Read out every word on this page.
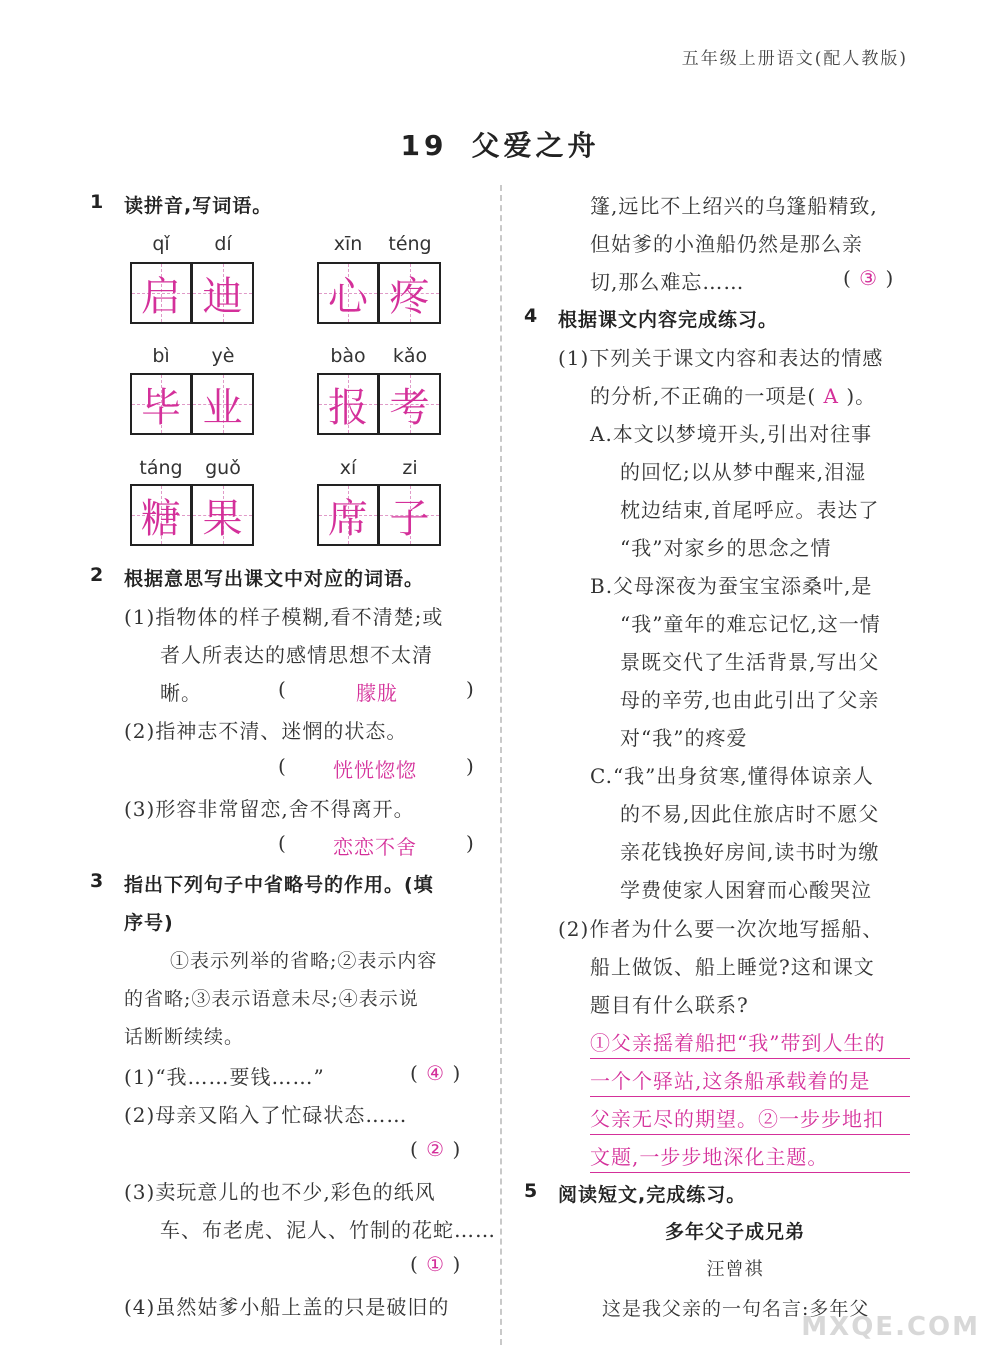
五年级上册语文(配人教版)
19 父爱之舟
1 读拼音,写词语。
qǐ	dí
启 迪
xīn	téng
心 疼
bì	yè
毕 业
bào	kǎo
报 考
táng	guǒ
糖 果
xí	zi
席 子
2 根据意思写出课文中对应的词语。
(1)指物体的样子模糊,看不清楚;或
者人所表达的感情思想不太清
晰。	(	朦胧	)
(2)指神志不清、迷惘的状态。
( 恍恍惚惚 )
(3)形容非常留恋,舍不得离开。
( 恋恋不舍 )
3 指出下列句子中省略号的作用。(填
序号)
①表示列举的省略;②表示内容
的省略;③表示语意未尽;④表示说
话断断续续。
(1)“我……要钱……”	( ④ )
(2)母亲又陷入了忙碌状态……
( ② )
(3)卖玩意儿的也不少,彩色的纸风
车、布老虎、泥人、竹制的花蛇……
( ① )
(4)虽然姑爹小船上盖的只是破旧的
篷,远比不上绍兴的乌篷船精致,
但姑爹的小渔船仍然是那么亲
切,那么难忘……	( ③ )
4 根据课文内容完成练习。
(1)下列关于课文内容和表达的情感
的分析,不正确的一项是( A )。
A.本文以梦境开头,引出对往事
的回忆;以从梦中醒来,泪湿
枕边结束,首尾呼应。表达了
“我”对家乡的思念之情
B.父母深夜为蚕宝宝添桑叶,是
“我”童年的难忘记忆,这一情
景既交代了生活背景,写出父
母的辛劳,也由此引出了父亲
对“我”的疼爱
C.“我”出身贫寒,懂得体谅亲人
的不易,因此住旅店时不愿父
亲花钱换好房间,读书时为缴
学费使家人困窘而心酸哭泣
(2)作者为什么要一次次地写摇船、
船上做饭、船上睡觉?这和课文
题目有什么联系?
①父亲摇着船把“我”带到人生的
一个个驿站,这条船承载着的是
父亲无尽的期望。②一步步地扣
文题,一步步地深化主题。
5 阅读短文,完成练习。
多年父子成兄弟
汪曾祺
这是我父亲的一句名言:多年父
MXQE.COM
